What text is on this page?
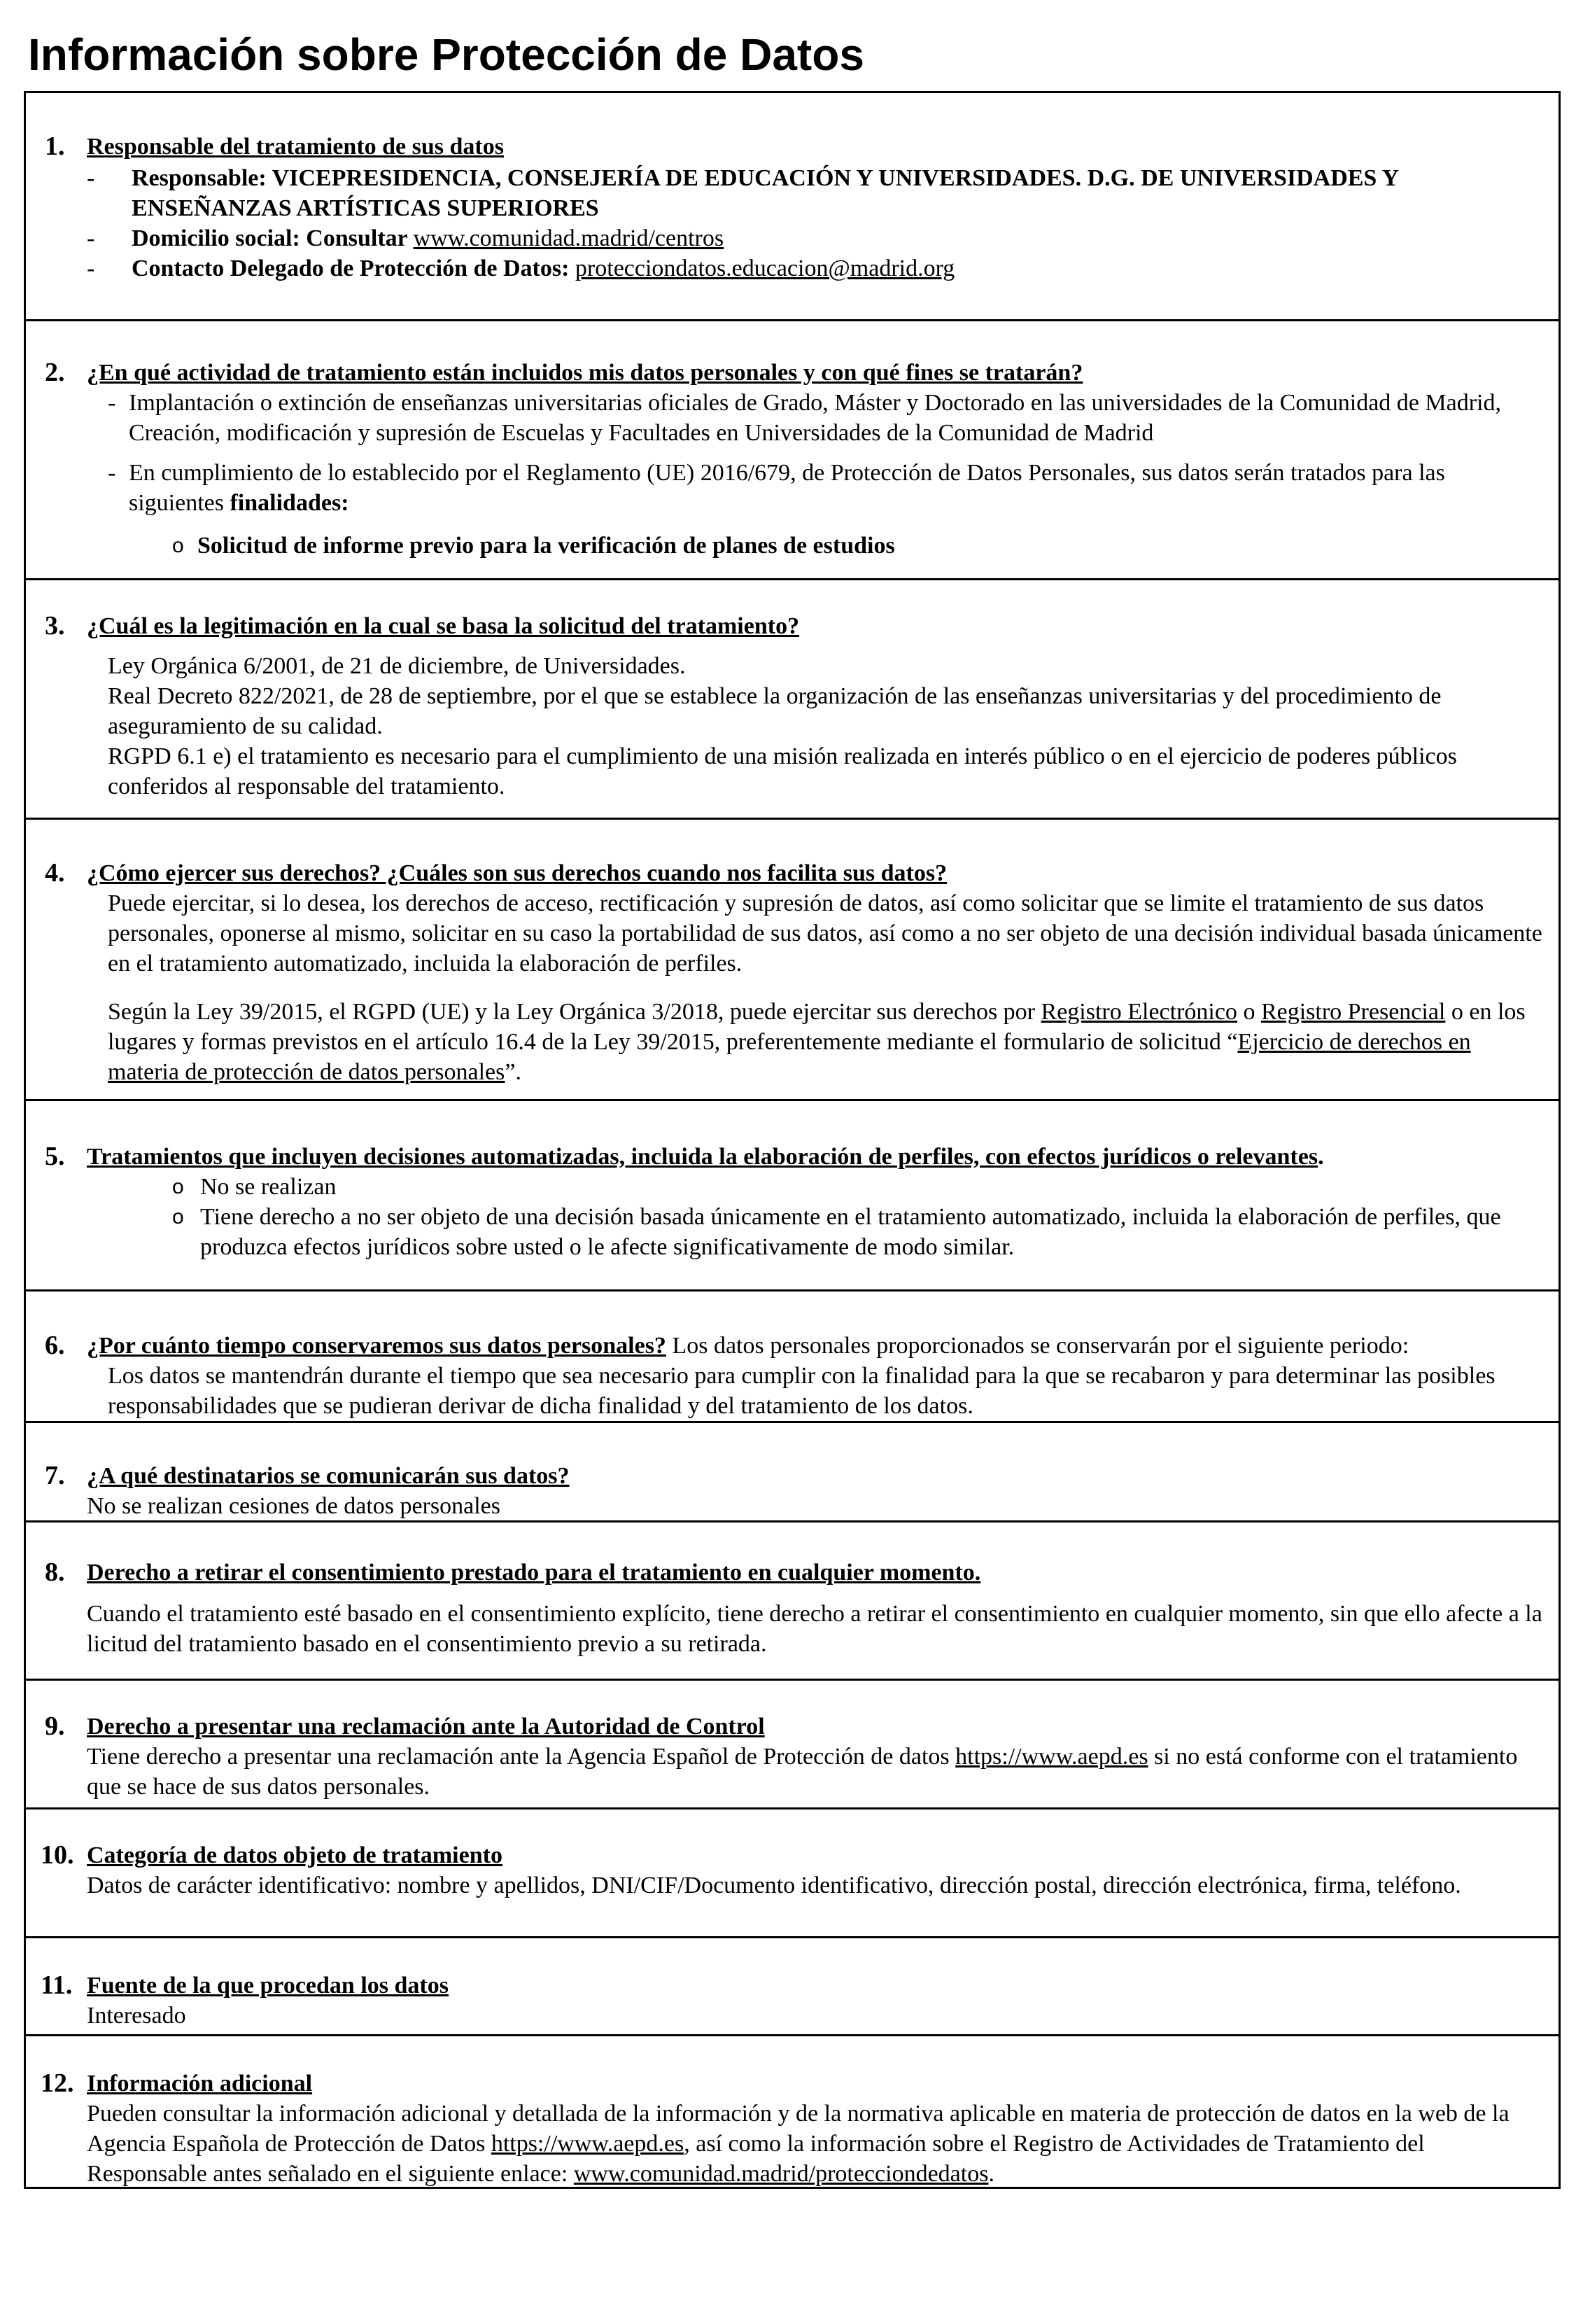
Información sobre Protección de Datos
1. Responsable del tratamiento de sus datos
- Responsable: VICEPRESIDENCIA, CONSEJERÍA DE EDUCACIÓN Y UNIVERSIDADES. D.G. DE UNIVERSIDADES Y ENSEÑANZAS ARTÍSTICAS SUPERIORES
- Domicilio social: Consultar www.comunidad.madrid/centros
- Contacto Delegado de Protección de Datos: protecciondatos.educacion@madrid.org
2. ¿En qué actividad de tratamiento están incluidos mis datos personales y con qué fines se tratarán?
- Implantación o extinción de enseñanzas universitarias oficiales de Grado, Máster y Doctorado en las universidades de la Comunidad de Madrid, Creación, modificación y supresión de Escuelas y Facultades en Universidades de la Comunidad de Madrid
- En cumplimiento de lo establecido por el Reglamento (UE) 2016/679, de Protección de Datos Personales, sus datos serán tratados para las siguientes finalidades:
o Solicitud de informe previo para la verificación de planes de estudios
3. ¿Cuál es la legitimación en la cual se basa la solicitud del tratamiento?

Ley Orgánica 6/2001, de 21 de diciembre, de Universidades.

Real Decreto 822/2021, de 28 de septiembre, por el que se establece la organización de las enseñanzas universitarias y del procedimiento de aseguramiento de su calidad.

RGPD 6.1 e) el tratamiento es necesario para el cumplimiento de una misión realizada en interés público o en el ejercicio de poderes públicos conferidos al responsable del tratamiento.

4. ¿Cómo ejercer sus derechos? ¿Cuáles son sus derechos cuando nos facilita sus datos?

Puede ejercitar, si lo desea, los derechos de acceso, rectificación y supresión de datos, así como solicitar que se limite el tratamiento de sus datos personales, oponerse al mismo, solicitar en su caso la portabilidad de sus datos, así como a no ser objeto de una decisión individual basada únicamente en el tratamiento automatizado, incluida la elaboración de perfiles.

Según la Ley 39/2015, el RGPD (UE) y la Ley Orgánica 3/2018, puede ejercitar sus derechos por Registro Electrónico o Registro Presencial o en los lugares y formas previstos en el artículo 16.4 de la Ley 39/2015, preferentemente mediante el formulario de solicitud “Ejercicio de derechos en materia de protección de datos personales”.

5. Tratamientos que incluyen decisiones automatizadas, incluida la elaboración de perfiles, con efectos jurídicos o relevantes.
o No se realizan
o Tiene derecho a no ser objeto de una decisión basada únicamente en el tratamiento automatizado, incluida la elaboración de perfiles, que produzca efectos jurídicos sobre usted o le afecte significativamente de modo similar.
6. ¿Por cuánto tiempo conservaremos sus datos personales? Los datos personales proporcionados se conservarán por el siguiente periodo:

Los datos se mantendrán durante el tiempo que sea necesario para cumplir con la finalidad para la que se recabaron y para determinar las posibles responsabilidades que se pudieran derivar de dicha finalidad y del tratamiento de los datos.

7. ¿A qué destinatarios se comunicarán sus datos?

No se realizan cesiones de datos personales

8. Derecho a retirar el consentimiento prestado para el tratamiento en cualquier momento.

Cuando el tratamiento esté basado en el consentimiento explícito, tiene derecho a retirar el consentimiento en cualquier momento, sin que ello afecte a la licitud del tratamiento basado en el consentimiento previo a su retirada.

9. Derecho a presentar una reclamación ante la Autoridad de Control

Tiene derecho a presentar una reclamación ante la Agencia Español de Protección de datos https://www.aepd.es si no está conforme con el tratamiento que se hace de sus datos personales.

10. Categoría de datos objeto de tratamiento

Datos de carácter identificativo: nombre y apellidos, DNI/CIF/Documento identificativo, dirección postal, dirección electrónica, firma, teléfono.

11. Fuente de la que procedan los datos

Interesado

12. Información adicional

Pueden consultar la información adicional y detallada de la información y de la normativa aplicable en materia de protección de datos en la web de la Agencia Española de Protección de Datos https://www.aepd.es, así como la información sobre el Registro de Actividades de Tratamiento del Responsable antes señalado en el siguiente enlace: www.comunidad.madrid/protecciondedatos.
